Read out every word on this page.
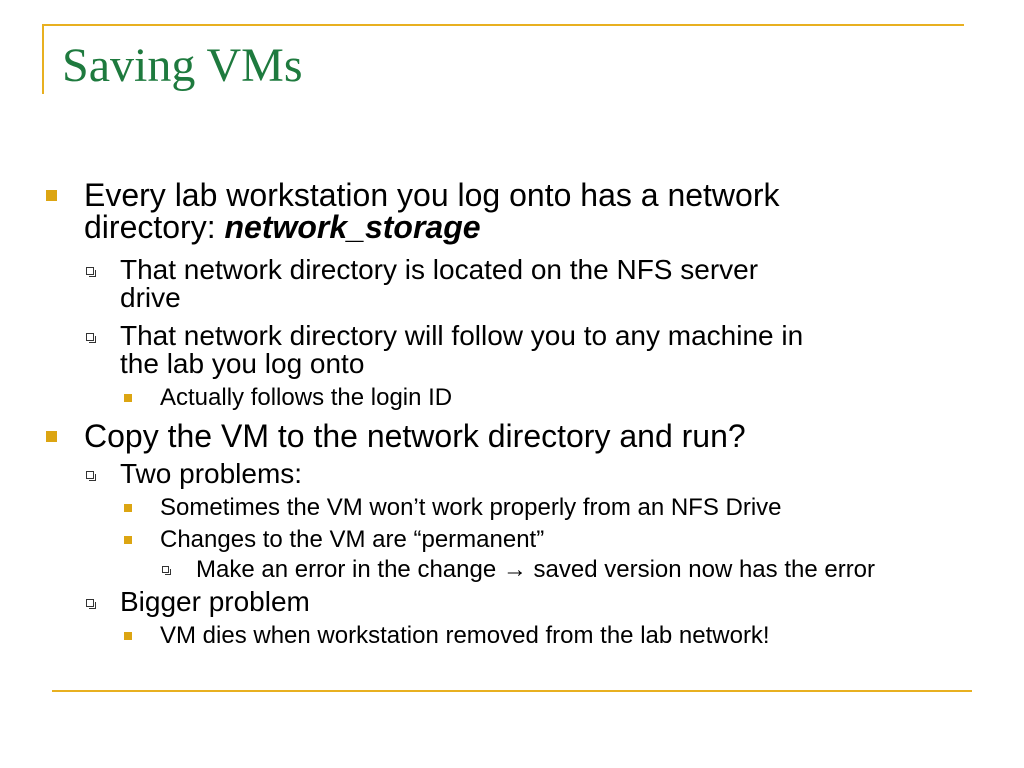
Saving VMs
Every lab workstation you log onto has a network
directory: network_storage
That network directory is located on the NFS server
drive
That network directory will follow you to any machine in
the lab you log onto
Actually follows the login ID
Copy the VM to the network directory and run?
Two problems:
Sometimes the VM won’t work properly from an NFS Drive
Changes to the VM are “permanent”
Make an error in the change → saved version now has the error
Bigger problem
VM dies when workstation removed from the lab network!
